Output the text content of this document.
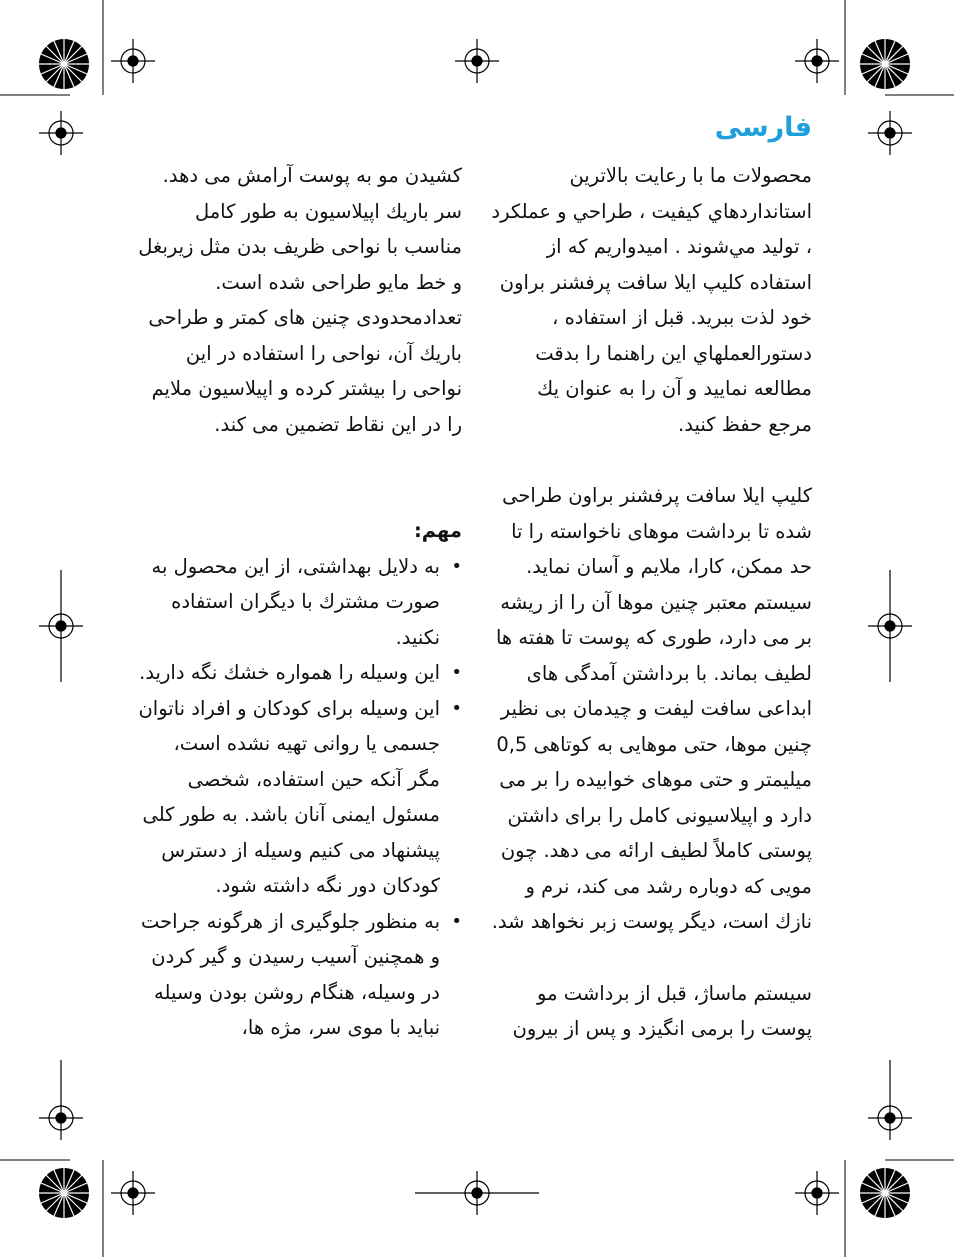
فارسی

محصولات ما با رعايت بالاترين استانداردهاي كيفيت ، طراحي و عملكرد ، توليد مي‌شوند . اميدواريم كه از استفاده كليپ ايلا سافت پرفشنر براون خود لذت ببريد. قبل از استفاده ، دستورالعملهاي اين راهنما را بدقت مطالعه نماييد و آن را به عنوان يك مرجع حفظ كنيد.

كليپ ايلا سافت پرفشنر براون طراحی شده تا برداشت موهای ناخواسته را تا حد ممكن، كارا، ملایم و آسان نماید. سیستم معتبر چنین موها آن را از ریشه بر می دارد، طوری كه پوست تا هفته ها لطیف بماند. با برداشتن آمدگی های ابداعی سافت لیفت و چیدمان بی نظیر چنین موها، حتی موهایی به كوتاهی 0,5 میلیمتر و حتی موهای خوابیده را بر می دارد و اپیلاسیونی كامل را برای داشتن پوستی كاملاً لطیف ارائه می دهد. چون مویی كه دوباره رشد می كند، نرم و نازك است، دیگر پوست زبر نخواهد شد.

سیستم ماساژ، قبل از برداشت مو پوست را برمی انگیزد و پس از بیرون

كشیدن مو به پوست آرامش می دهد. سر باریك اپیلاسیون به طور كامل مناسب با نواحی ظریف بدن مثل زیربغل و خط مایو طراحی شده است. تعدادمحدودی چنین های كمتر و طراحی باریك آن، نواحی را استفاده در این نواحی را بیشتر كرده و اپیلاسیون ملایم را در این نقاط تضمین می كند.

مهم:

• به دلایل بهداشتی، از این محصول به صورت مشترك با دیگران استفاده نكنید.
• این وسیله را همواره خشك نگه دارید.
• این وسیله برای كودكان و افراد ناتوان جسمی یا روانی تهیه نشده است، مگر آنكه حین استفاده، شخصی مسئول ایمنی آنان باشد. به طور كلی پیشنهاد می كنیم وسیله از دسترس كودكان دور نگه داشته شود.
• به منظور جلوگیری از هرگونه جراحت و همچنین آسیب رسیدن و گیر كردن در وسیله، هنگام روشن بودن وسیله نباید با موی سر، مژه ها،
